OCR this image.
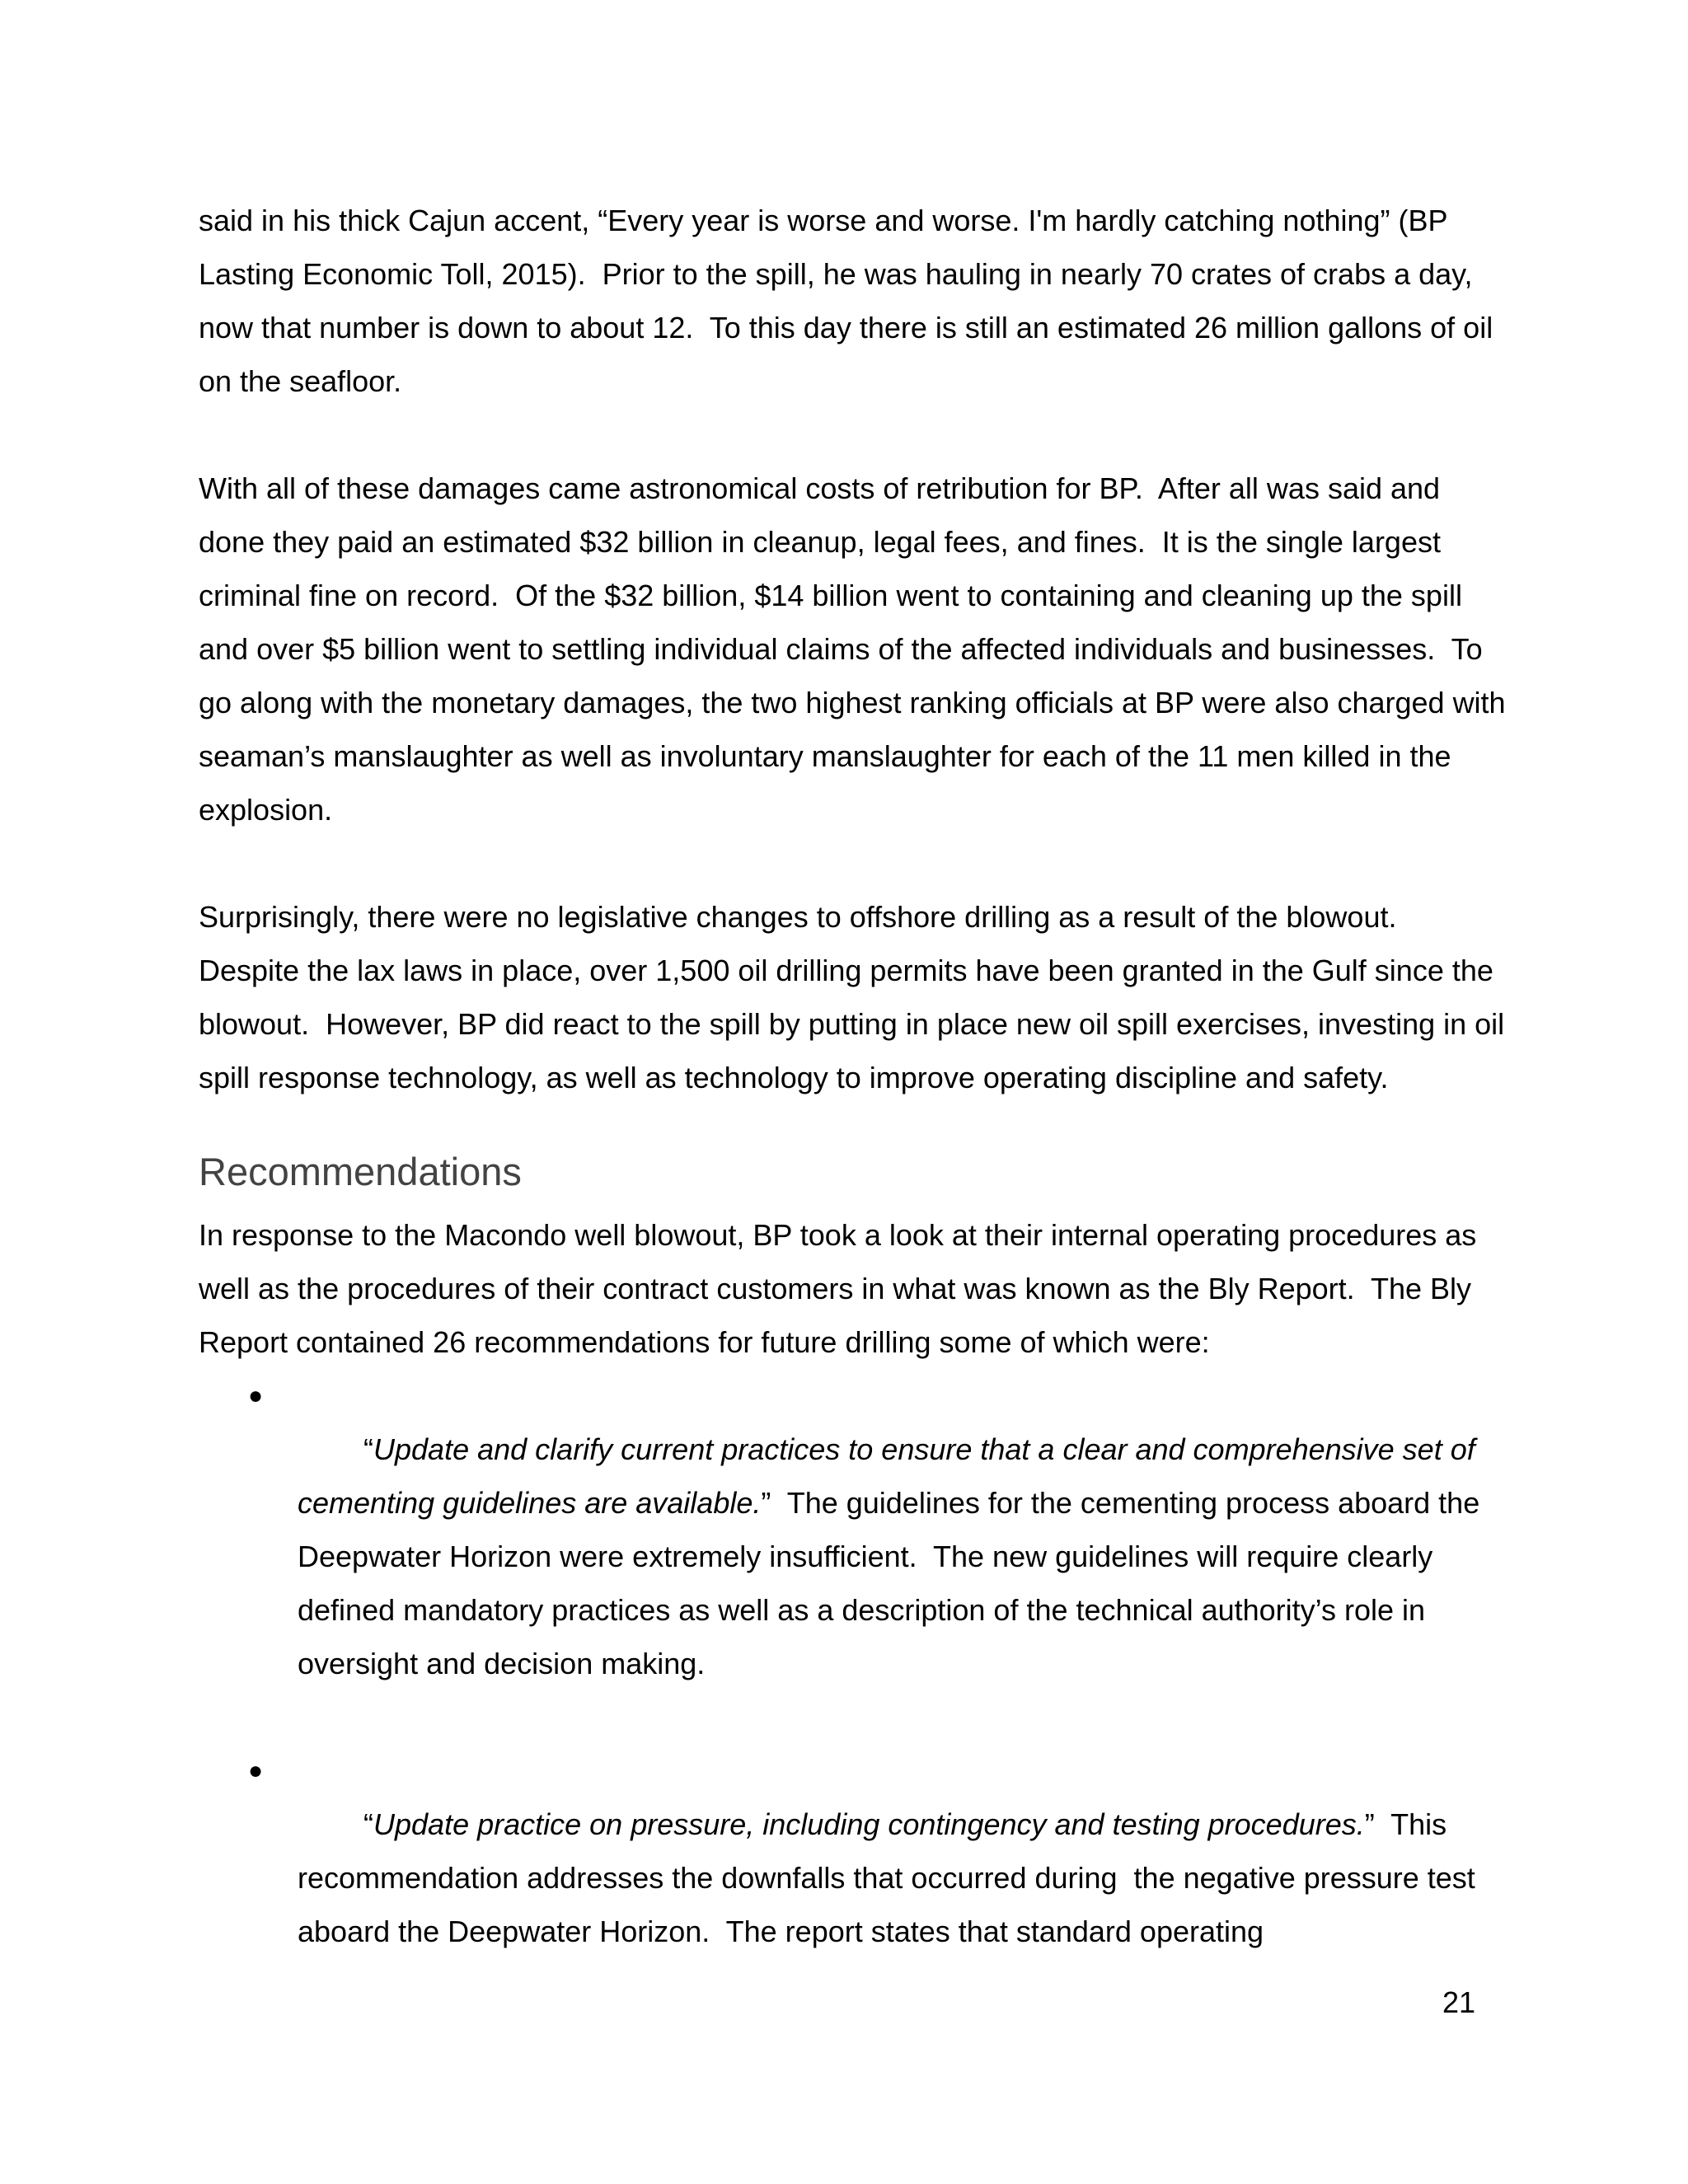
said in his thick Cajun accent, “Every year is worse and worse. I'm hardly catching nothing” (BP Lasting Economic Toll, 2015).  Prior to the spill, he was hauling in nearly 70 crates of crabs a day, now that number is down to about 12.  To this day there is still an estimated 26 million gallons of oil on the seafloor.

With all of these damages came astronomical costs of retribution for BP.  After all was said and done they paid an estimated $32 billion in cleanup, legal fees, and fines.  It is the single largest criminal fine on record.  Of the $32 billion, $14 billion went to containing and cleaning up the spill and over $5 billion went to settling individual claims of the affected individuals and businesses.  To go along with the monetary damages, the two highest ranking officials at BP were also charged with seaman’s manslaughter as well as involuntary manslaughter for each of the 11 men killed in the explosion.

Surprisingly, there were no legislative changes to offshore drilling as a result of the blowout.  Despite the lax laws in place, over 1,500 oil drilling permits have been granted in the Gulf since the blowout.  However, BP did react to the spill by putting in place new oil spill exercises, investing in oil spill response technology, as well as technology to improve operating discipline and safety.

Recommendations

In response to the Macondo well blowout, BP took a look at their internal operating procedures as well as the procedures of their contract customers in what was known as the Bly Report.  The Bly Report contained 26 recommendations for future drilling some of which were:

●
“Update and clarify current practices to ensure that a clear and comprehensive set of cementing guidelines are available.”  The guidelines for the cementing process aboard the Deepwater Horizon were extremely insufficient.  The new guidelines will require clearly defined mandatory practices as well as a description of the technical authority’s role in oversight and decision making.

●
“Update practice on pressure, including contingency and testing procedures.”  This recommendation addresses the downfalls that occurred during  the negative pressure test aboard the Deepwater Horizon.  The report states that standard operating

21
